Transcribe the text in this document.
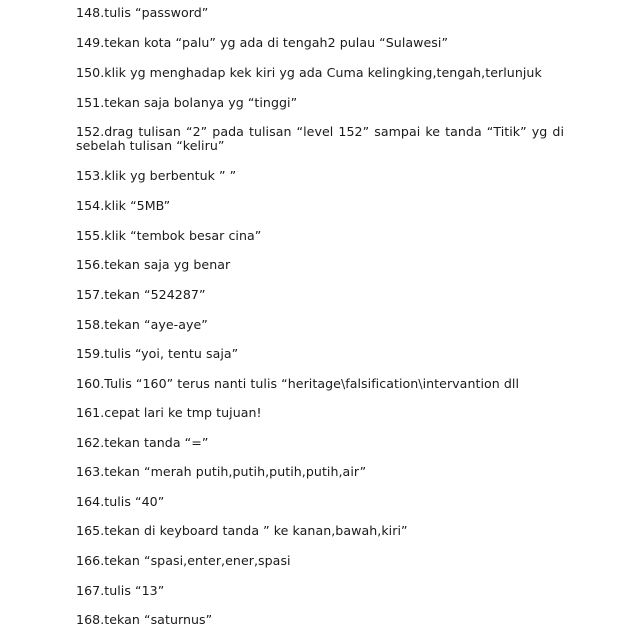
148.tulis “password”
149.tekan kota “palu” yg ada di tengah2 pulau “Sulawesi”
150.klik yg menghadap kek kiri yg ada Cuma kelingking,tengah,terlunjuk
151.tekan saja bolanya yg “tinggi”
152.drag tulisan “2” pada tulisan “level 152” sampai ke tanda “Titik” yg di sebelah tulisan “keliru”
153.klik yg berbentuk ” ”
154.klik “5MB”
155.klik “tembok besar cina”
156.tekan saja yg benar
157.tekan “524287”
158.tekan “aye-aye”
159.tulis “yoi, tentu saja”
160.Tulis “160” terus nanti tulis “heritage\falsification\intervantion dll
161.cepat lari ke tmp tujuan!
162.tekan tanda “=”
163.tekan “merah putih,putih,putih,putih,air”
164.tulis “40”
165.tekan di keyboard tanda ” ke kanan,bawah,kiri”
166.tekan “spasi,enter,ener,spasi
167.tulis “13”
168.tekan “saturnus”
